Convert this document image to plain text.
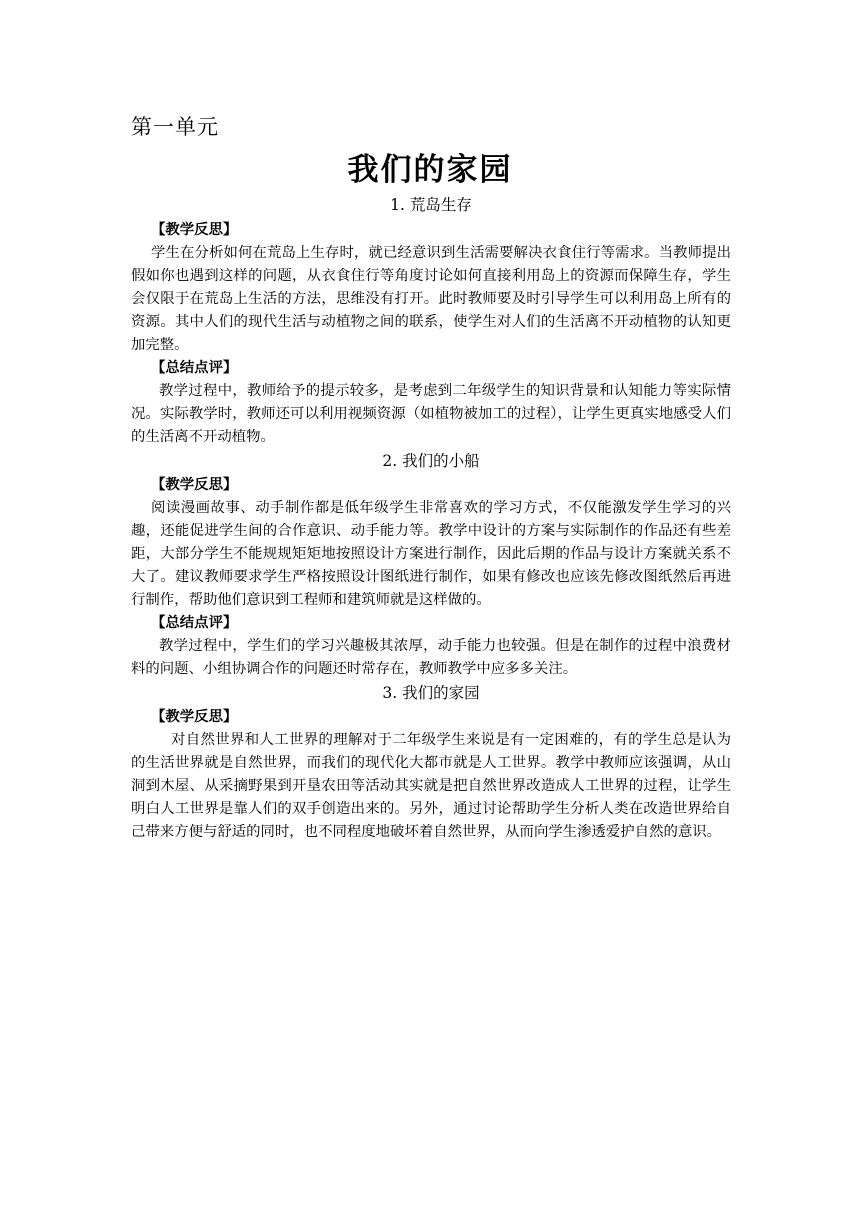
第一单元
我们的家园
1. 荒岛生存
【教学反思】

学生在分析如何在荒岛上生存时，就已经意识到生活需要解决衣食住行等需求。当教师提出假如你也遇到这样的问题，从衣食住行等角度讨论如何直接利用岛上的资源而保障生存，学生会仅限于在荒岛上生活的方法，思维没有打开。此时教师要及时引导学生可以利用岛上所有的资源。其中人们的现代生活与动植物之间的联系，使学生对人们的生活离不开动植物的认知更加完整。

【总结点评】

教学过程中，教师给予的提示较多，是考虑到二年级学生的知识背景和认知能力等实际情况。实际教学时，教师还可以利用视频资源（如植物被加工的过程），让学生更真实地感受人们的生活离不开动植物。

2. 我们的小船
【教学反思】

阅读漫画故事、动手制作都是低年级学生非常喜欢的学习方式，不仅能激发学生学习的兴趣，还能促进学生间的合作意识、动手能力等。教学中设计的方案与实际制作的作品还有些差距，大部分学生不能规规矩矩地按照设计方案进行制作，因此后期的作品与设计方案就关系不大了。建议教师要求学生严格按照设计图纸进行制作，如果有修改也应该先修改图纸然后再进行制作，帮助他们意识到工程师和建筑师就是这样做的。

【总结点评】

教学过程中，学生们的学习兴趣极其浓厚，动手能力也较强。但是在制作的过程中浪费材料的问题、小组协调合作的问题还时常存在，教师教学中应多多关注。

3. 我们的家园
【教学反思】

对自然世界和人工世界的理解对于二年级学生来说是有一定困难的，有的学生总是认为的生活世界就是自然世界，而我们的现代化大都市就是人工世界。教学中教师应该强调，从山洞到木屋、从采摘野果到开垦农田等活动其实就是把自然世界改造成人工世界的过程，让学生明白人工世界是靠人们的双手创造出来的。另外，通过讨论帮助学生分析人类在改造世界给自己带来方便与舒适的同时，也不同程度地破坏着自然世界，从而向学生渗透爱护自然的意识。
